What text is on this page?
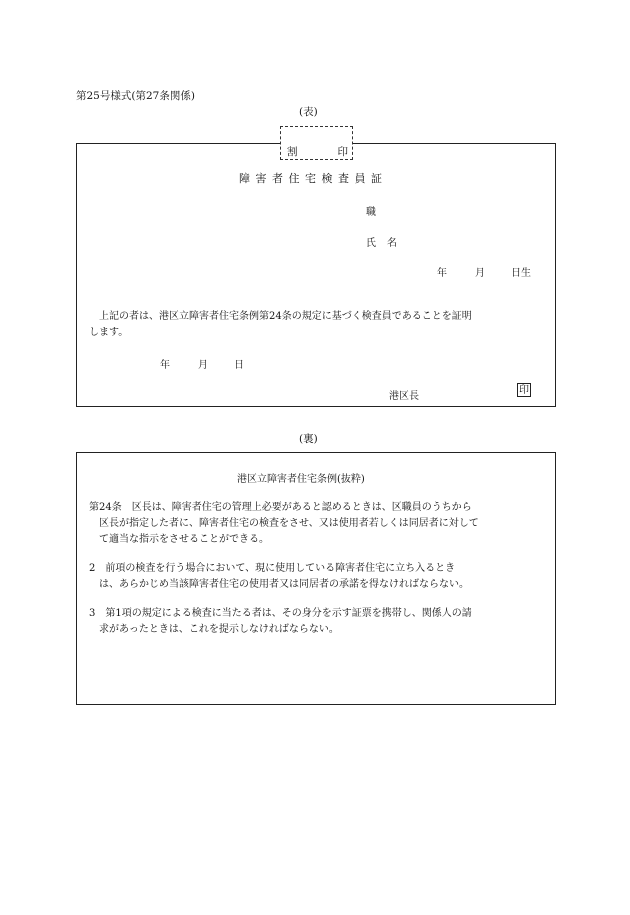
第25号様式(第27条関係)
(表)
割	印
障害者住宅検査員証
職
氏名
年	月	日生
上記の者は、港区立障害者住宅条例第24条の規定に基づく検査員であることを証明
します。
年	月	日
港区長
印
(裏)
港区立障害者住宅条例(抜粋)
第24条　区長は、障害者住宅の管理上必要があると認めるときは、区職員のうちから
区長が指定した者に、障害者住宅の検査をさせ、又は使用者若しくは同居者に対して
て適当な指示をさせることができる。
2　前項の検査を行う場合において、現に使用している障害者住宅に立ち入るとき
は、あらかじめ当該障害者住宅の使用者又は同居者の承諾を得なければならない。
3　第1項の規定による検査に当たる者は、その身分を示す証票を携帯し、関係人の請
求があったときは、これを提示しなければならない。
